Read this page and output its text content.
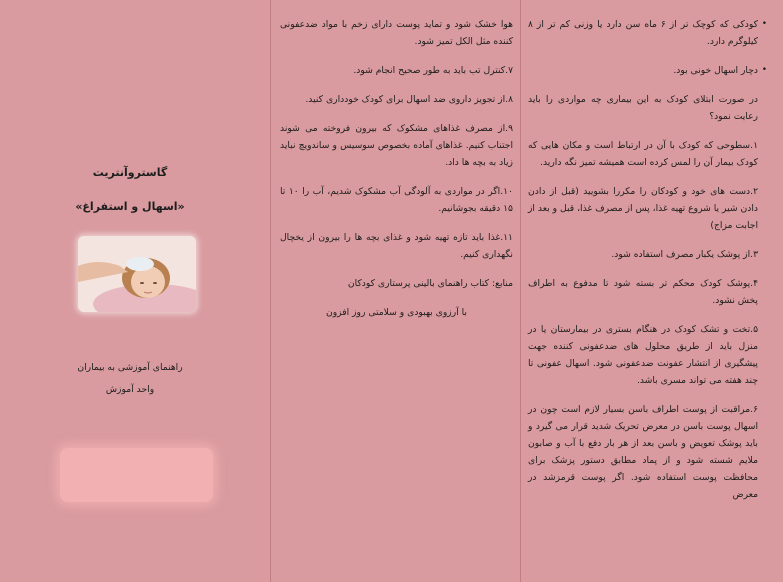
گاستروآنتریت
«اسهال و استفراغ»
راهنمای آموزشی به بیماران
واحد آموزش

هوا خشک شود و تماید پوست دارای زخم با مواد ضدعفونی کننده مثل الکل تمیز شود.

۷.کنترل تب باید به طور صحیح انجام شود.

۸.از تجویز داروی ضد اسهال برای کودک خودداری کنید.

۹.از مصرف غذاهای مشکوک که بیرون فروخته می شوند اجتناب کنیم. غذاهای آماده بخصوص سوسیس و ساندویچ نباید زیاد به بچه ها داد.

۱۰.اگر در مواردی به آلودگی آب مشکوک شدیم، آب را ۱۰ تا ۱۵ دقیقه بجوشانیم.

۱۱.غذا باید تازه تهیه شود و غذای بچه ها را بیرون از یخچال نگهداری کنیم.

منابع: کتاب راهنمای بالینی پرستاری کودکان

با آرزوی بهبودی و سلامتی روز افزون

•
کودکی که کوچک تر از ۶ ماه سن دارد یا وزنی کم تر از ۸ کیلوگرم دارد.

•
دچار اسهال خونی بود.

در صورت ابتلای کودک به این بیماری چه مواردی را باید رعایت نمود؟

۱.سطوحی که کودک با آن در ارتباط است و مکان هایی که کودک بیمار آن را لمس کرده است همیشه تمیز نگه دارید.

۲.دست های خود و کودکان را مکررا بشویید (قبل از دادن دادن شیر یا شروع تهیه غذا، پس از مصرف غذا، قبل و بعد از اجابت مزاج)

۳.از پوشک یکبار مصرف استفاده شود.

۴.پوشک کودک محکم تر بسته شود تا مدفوع به اطراف پخش نشود.

۵.تخت و تشک کودک در هنگام بستری در بیمارستان یا در منزل باید از طریق محلول های ضدعفونی کننده جهت پیشگیری از انتشار عفونت ضدعفونی شود. اسهال عفونی تا چند هفته می تواند مسری باشد.

۶.مراقبت از پوست اطراف باسن بسیار لازم است چون در اسهال پوست باسن در معرض تحریک شدید قرار می گیرد و باید پوشک تعویض و باسن بعد از هر بار دفع با آب و صابون ملایم شسته شود و از پماد مطابق دستور پزشک برای محافظت پوست استفاده شود. اگر پوست قرمزشد در معرض
